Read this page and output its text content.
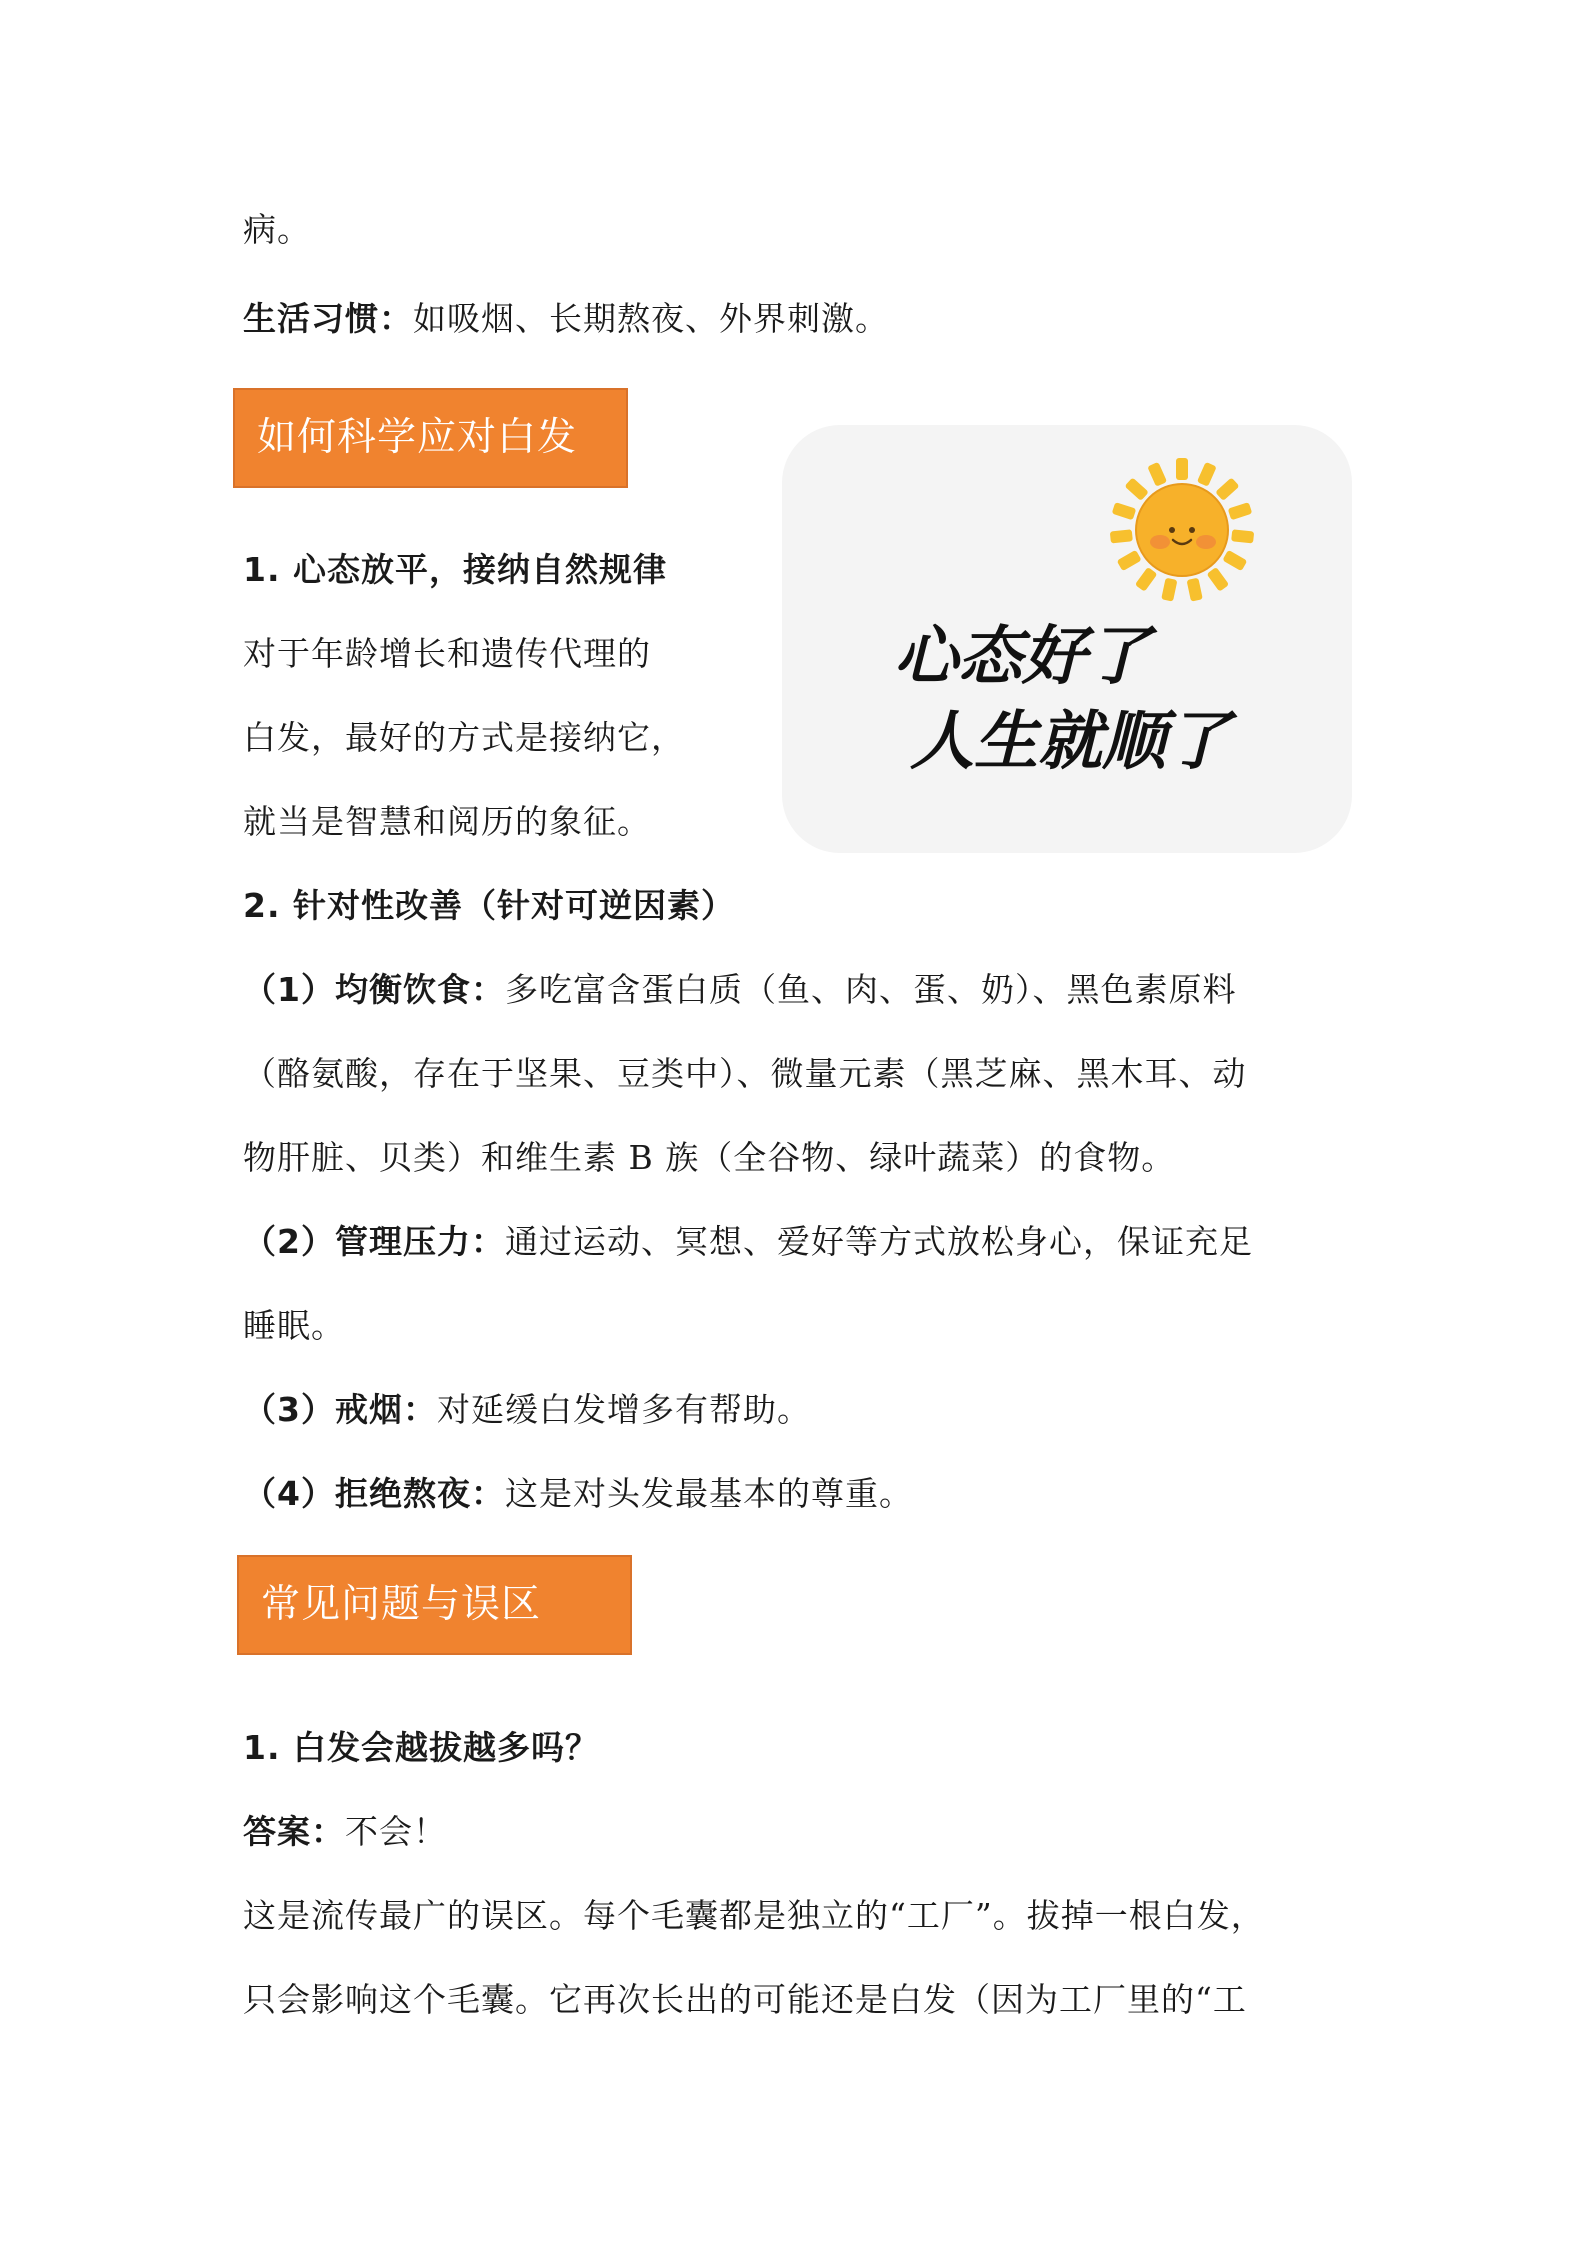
病。
生活习惯：如吸烟、长期熬夜、外界刺激。
如何科学应对白发
心态好了
人生就顺了
1. 心态放平，接纳自然规律
对于年龄增长和遗传代理的
白发，最好的方式是接纳它，
就当是智慧和阅历的象征。
2. 针对性改善（针对可逆因素）
（1）均衡饮食：多吃富含蛋白质（鱼、肉、蛋、奶）、黑色素原料
（酪氨酸，存在于坚果、豆类中）、微量元素（黑芝麻、黑木耳、动
物肝脏、贝类）和维生素 B 族（全谷物、绿叶蔬菜）的食物。
（2）管理压力：通过运动、冥想、爱好等方式放松身心，保证充足
睡眠。
（3）戒烟：对延缓白发增多有帮助。
（4）拒绝熬夜：这是对头发最基本的尊重。
常见问题与误区
1. 白发会越拔越多吗？
答案：不会！
这是流传最广的误区。每个毛囊都是独立的“工厂”。拔掉一根白发，
只会影响这个毛囊。它再次长出的可能还是白发（因为工厂里的“工
